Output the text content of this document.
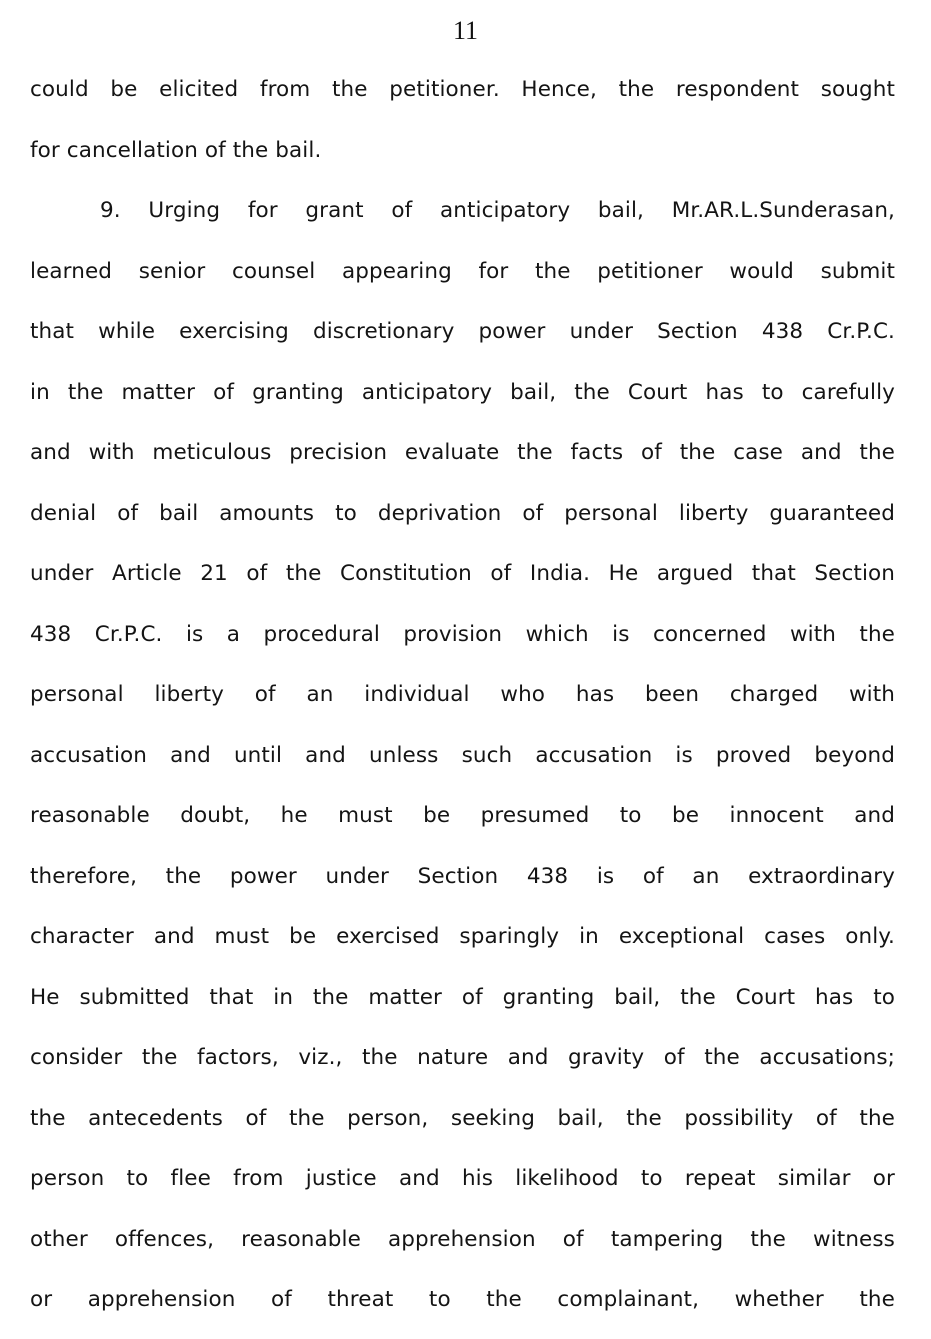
11
could be elicited from the petitioner. Hence, the respondent sought
for cancellation of the bail.
9. Urging for grant of anticipatory bail, Mr.AR.L.Sunderasan,
learned senior counsel appearing for the petitioner would submit
that while exercising discretionary power under Section 438 Cr.P.C.
in the matter of granting anticipatory bail, the Court has to carefully
and with meticulous precision evaluate the facts of the case and the
denial of bail amounts to deprivation of personal liberty guaranteed
under Article 21 of the Constitution of India. He argued that Section
438 Cr.P.C. is a procedural provision which is concerned with the
personal liberty of an individual who has been charged with
accusation and until and unless such accusation is proved beyond
reasonable doubt, he must be presumed to be innocent and
therefore, the power under Section 438 is of an extraordinary
character and must be exercised sparingly in exceptional cases only.
He submitted that in the matter of granting bail, the Court has to
consider the factors, viz., the nature and gravity of the accusations;
the antecedents of the person, seeking bail, the possibility of the
person to flee from justice and his likelihood to repeat similar or
other offences, reasonable apprehension of tampering the witness
or apprehension of threat to the complainant, whether the
